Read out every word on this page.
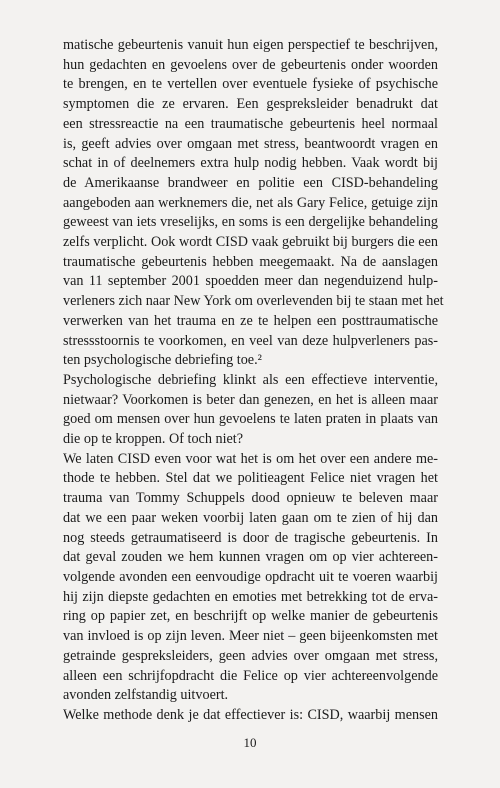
matische gebeurtenis vanuit hun eigen perspectief te beschrijven,
hun gedachten en gevoelens over de gebeurtenis onder woorden
te brengen, en te vertellen over eventuele fysieke of psychische
symptomen die ze ervaren. Een gespreksleider benadrukt dat
een stressreactie na een traumatische gebeurtenis heel normaal
is, geeft advies over omgaan met stress, beantwoordt vragen en
schat in of deelnemers extra hulp nodig hebben. Vaak wordt bij
de Amerikaanse brandweer en politie een CISD-behandeling
aangeboden aan werknemers die, net als Gary Felice, getuige zijn
geweest van iets vreselijks, en soms is een dergelijke behandeling
zelfs verplicht. Ook wordt CISD vaak gebruikt bij burgers die een
traumatische gebeurtenis hebben meegemaakt. Na de aanslagen
van 11 september 2001 spoedden meer dan negenduizend hulp-
verleners zich naar New York om overlevenden bij te staan met het
verwerken van het trauma en ze te helpen een posttraumatische
stressstoornis te voorkomen, en veel van deze hulpverleners pas-
ten psychologische debriefing toe.²
Psychologische debriefing klinkt als een effectieve interventie,
nietwaar? Voorkomen is beter dan genezen, en het is alleen maar
goed om mensen over hun gevoelens te laten praten in plaats van
die op te kroppen. Of toch niet?
We laten CISD even voor wat het is om het over een andere me-
thode te hebben. Stel dat we politieagent Felice niet vragen het
trauma van Tommy Schuppels dood opnieuw te beleven maar
dat we een paar weken voorbij laten gaan om te zien of hij dan
nog steeds getraumatiseerd is door de tragische gebeurtenis. In
dat geval zouden we hem kunnen vragen om op vier achtereen-
volgende avonden een eenvoudige opdracht uit te voeren waarbij
hij zijn diepste gedachten en emoties met betrekking tot de erva-
ring op papier zet, en beschrijft op welke manier de gebeurtenis
van invloed is op zijn leven. Meer niet – geen bijeenkomsten met
getrainde gespreksleiders, geen advies over omgaan met stress,
alleen een schrijfopdracht die Felice op vier achtereenvolgende
avonden zelfstandig uitvoert.
Welke methode denk je dat effectiever is: CISD, waarbij mensen
10
